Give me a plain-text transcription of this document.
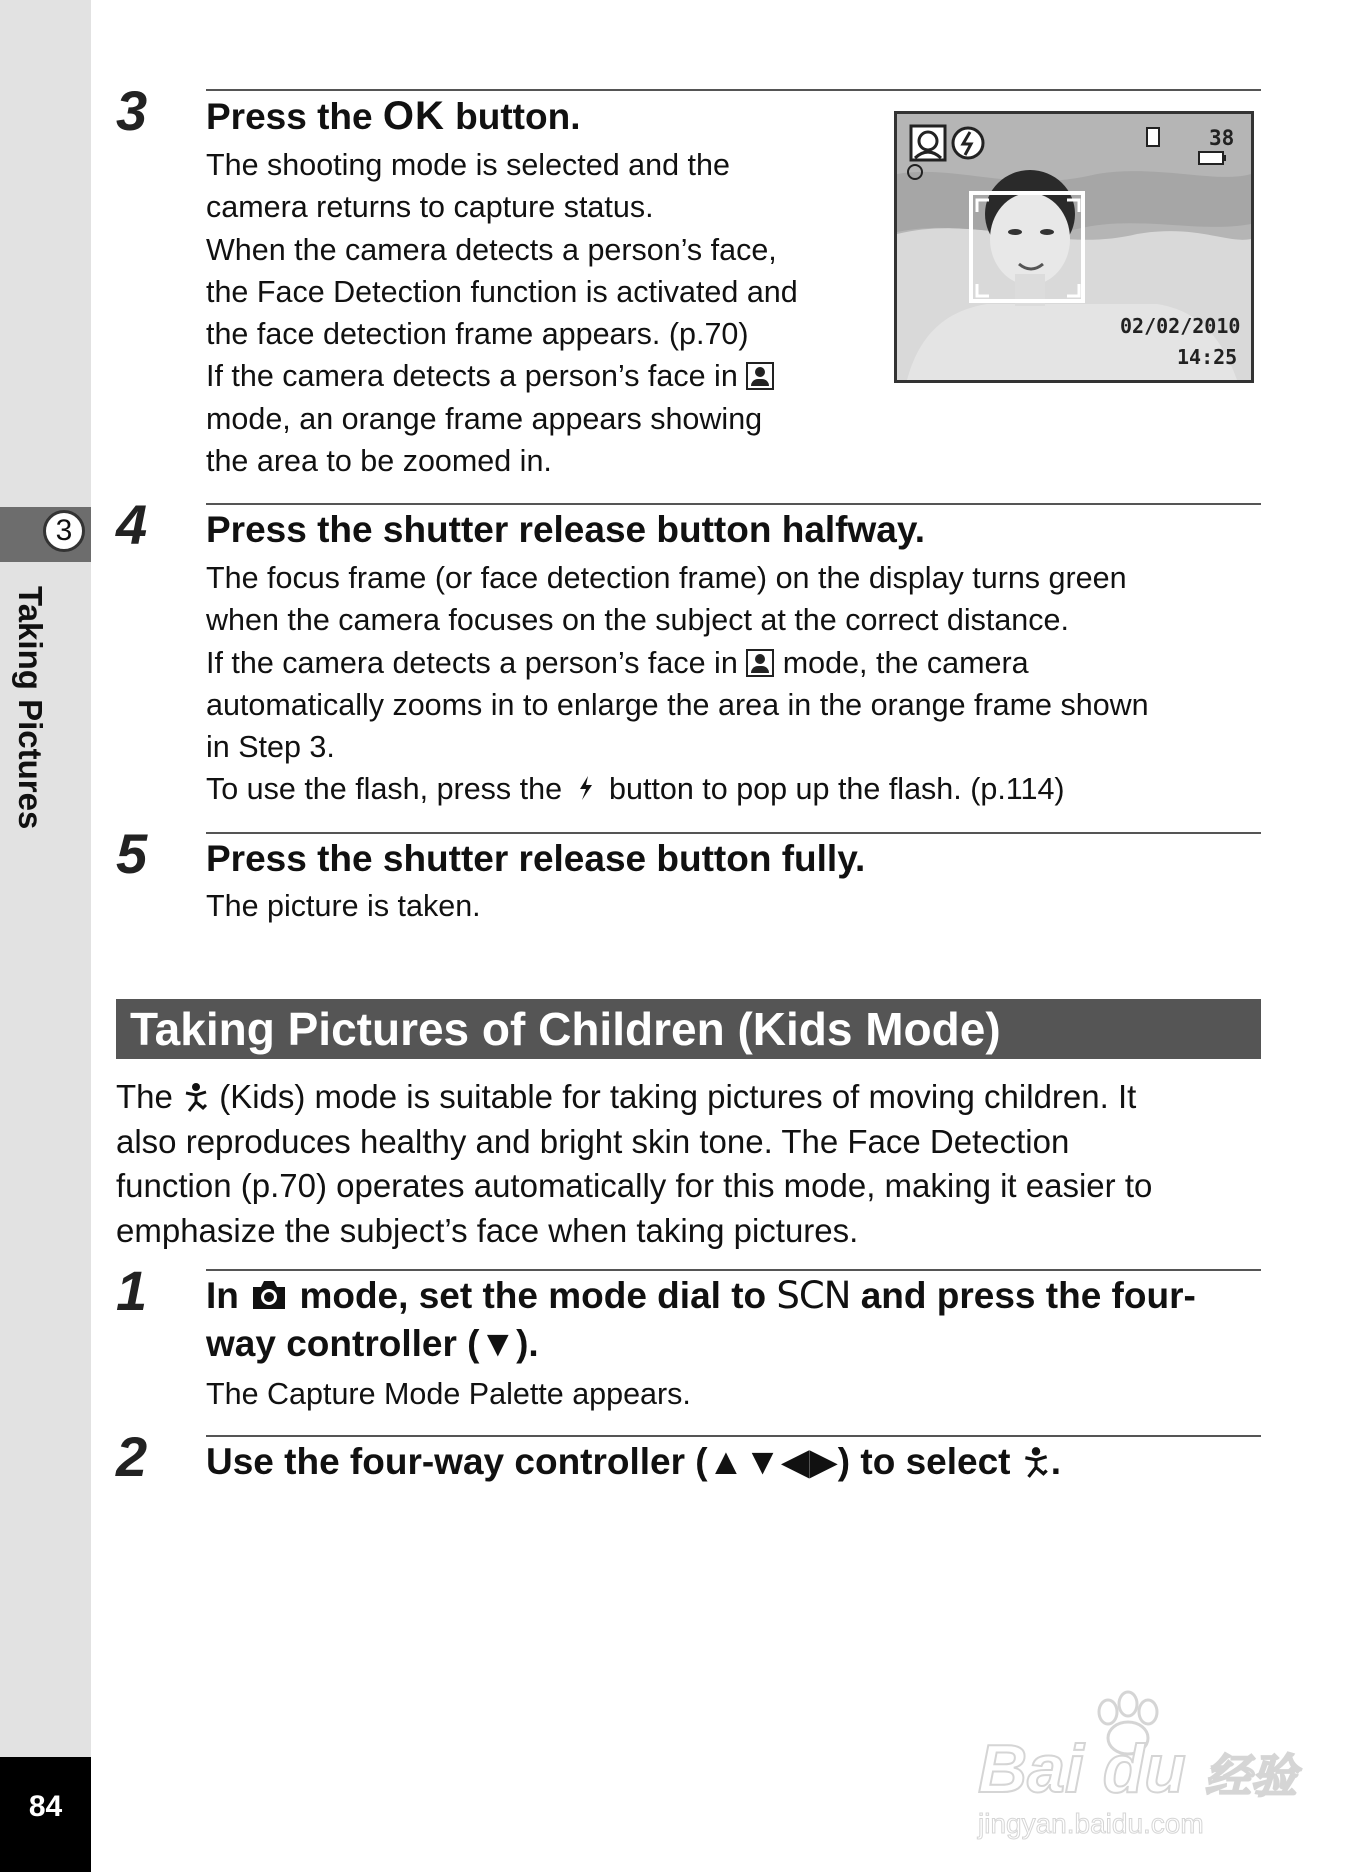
3
Taking Pictures
84
3 Press the OK button.
The shooting mode is selected and the
camera returns to capture status.
When the camera detects a person’s face,
the Face Detection function is activated and
the face detection frame appears. (p.70)
If the camera detects a person’s face in
mode, an orange frame appears showing
the area to be zoomed in.
38
02/02/2010
14:25
4 Press the shutter release button halfway.
The focus frame (or face detection frame) on the display turns green
when the camera focuses on the subject at the correct distance.
If the camera detects a person’s face in mode, the camera
automatically zooms in to enlarge the area in the orange frame shown
in Step 3.
To use the flash, press the button to pop up the flash. (p.114)
5 Press the shutter release button fully.
The picture is taken.
Taking Pictures of Children (Kids Mode)
The (Kids) mode is suitable for taking pictures of moving children. It
also reproduces healthy and bright skin tone. The Face Detection
function (p.70) operates automatically for this mode, making it easier to
emphasize the subject’s face when taking pictures.
1 In mode, set the mode dial to SCN and press the four-
way controller (▼).
The Capture Mode Palette appears.
2 Use the four-way controller (▲▼◀▶) to select .
Bai du 经验
jingyan.baidu.com
